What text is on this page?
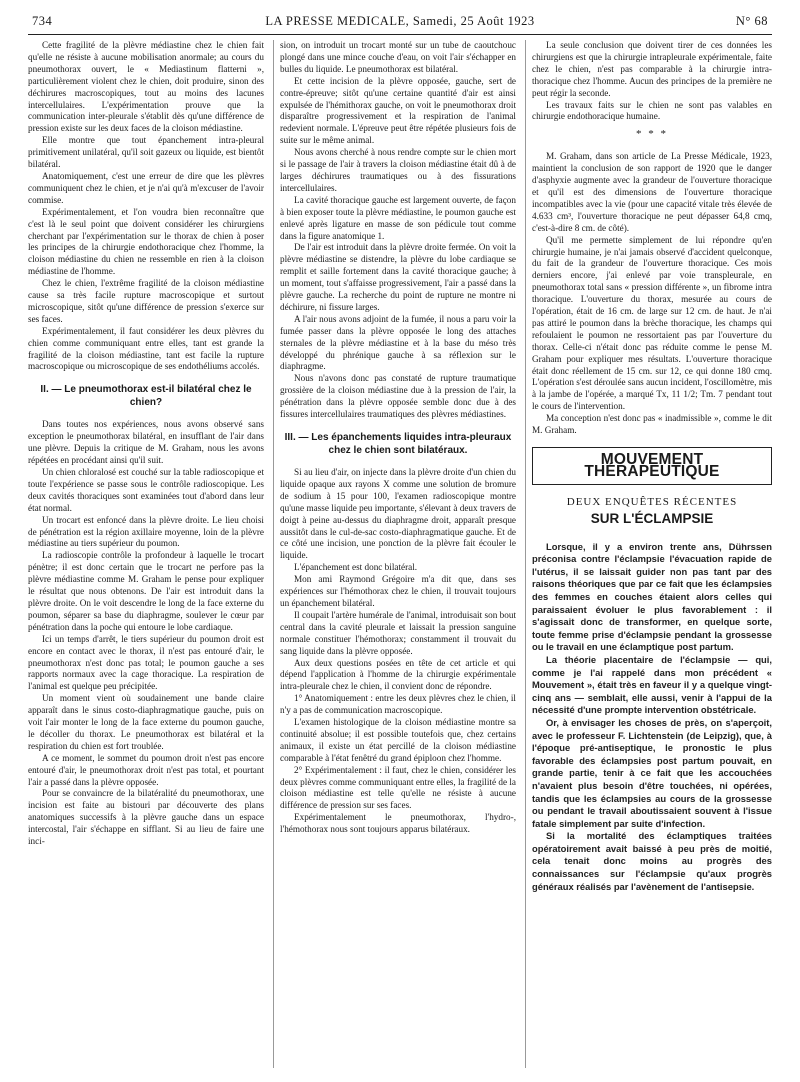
734	LA PRESSE MEDICALE, Samedi, 25 Août 1923	N° 68

Cette fragilité de la plèvre médiastine chez le chien fait qu'elle ne résiste à aucune mobilisation anormale; au cours du pneumothorax ouvert, le « Mediastinum flatterni », particulièrement violent chez le chien, doit produire, sinon des déchirures macroscopiques, tout au moins des lacunes intercellulaires. L'expérimentation prouve que la communication inter-pleurale s'établit dès qu'une différence de pression existe sur les deux faces de la cloison médiastine.

Elle montre que tout épanchement intra-pleural primitivement unilatéral, qu'il soit gazeux ou liquide, est bientôt bilatéral.

Anatomiquement, c'est une erreur de dire que les plèvres communiquent chez le chien, et je n'ai qu'à m'excuser de l'avoir commise.

Expérimentalement, et l'on voudra bien reconnaître que c'est là le seul point que doivent considérer les chirurgiens cherchant par l'expérimentation sur le thorax de chien à poser les principes de la chirurgie endothoracique chez l'homme, la cloison médiastine du chien ne ressemble en rien à la cloison médiastine de l'homme.

Chez le chien, l'extrême fragilité de la cloison médiastine cause sa très facile rupture macroscopique et surtout microscopique, sitôt qu'une différence de pression s'exerce sur ses faces.

Expérimentalement, il faut considérer les deux plèvres du chien comme communiquant entre elles, tant est grande la fragilité de la cloison médiastine, tant est facile la rupture macroscopique ou microscopique de ses endothéliums accolés.

II. — Le pneumothorax est-il bilatéral chez le chien?

Dans toutes nos expériences, nous avons observé sans exception le pneumothorax bilatéral, en insufflant de l'air dans une plèvre. Depuis la critique de M. Graham, nous les avons répétées en procédant ainsi qu'il suit.

Un chien chloralosé est couché sur la table radioscopique et toute l'expérience se passe sous le contrôle radioscopique. Les deux cavités thoraciques sont examinées tout d'abord dans leur état normal.

Un trocart est enfoncé dans la plèvre droite. Le lieu choisi de pénétration est la région axillaire moyenne, loin de la plèvre médiastine au tiers supérieur du poumon.

La radioscopie contrôle la profondeur à laquelle le trocart pénètre; il est donc certain que le trocart ne perfore pas la plèvre médiastine comme M. Graham le pense pour expliquer le résultat que nous obtenons. De l'air est introduit dans la plèvre droite. On le voit descendre le long de la face externe du poumon, séparer sa base du diaphragme, soulever le cœur par pénétration dans la poche qui entoure le lobe cardiaque.

Ici un temps d'arrêt, le tiers supérieur du poumon droit est encore en contact avec le thorax, il n'est pas entouré d'air, le pneumothorax n'est donc pas total; le poumon gauche a ses rapports normaux avec la cage thoracique. La respiration de l'animal est quelque peu précipitée.

Un moment vient où soudainement une bande claire apparaît dans le sinus costo-diaphragmatique gauche, puis on voit l'air monter le long de la face externe du poumon gauche, le décoller du thorax. Le pneumothorax est bilatéral et la respiration du chien est fort troublée.

A ce moment, le sommet du poumon droit n'est pas encore entouré d'air, le pneumothorax droit n'est pas total, et pourtant l'air a passé dans la plèvre opposée.

Pour se convaincre de la bilatéralité du pneumothorax, une incision est faite au bistouri par découverte des plans anatomiques successifs à la plèvre gauche dans un espace intercostal, l'air s'échappe en sifflant. Si au lieu de faire une inci-

sion, on introduit un trocart monté sur un tube de caoutchouc plongé dans une mince couche d'eau, on voit l'air s'échapper en bulles du liquide. Le pneumothorax est bilatéral.

Et cette incision de la plèvre opposée, gauche, sert de contre-épreuve; sitôt qu'une certaine quantité d'air est ainsi expulsée de l'hémithorax gauche, on voit le pneumothorax droit disparaître progressivement et la respiration de l'animal redevient normale. L'épreuve peut être répétée plusieurs fois de suite sur le même animal.

Nous avons cherché à nous rendre compte sur le chien mort si le passage de l'air à travers la cloison médiastine était dû à de larges déchirures traumatiques ou à des fissurations intercellulaires.

La cavité thoracique gauche est largement ouverte, de façon à bien exposer toute la plèvre médiastine, le poumon gauche est enlevé après ligature en masse de son pédicule tout comme dans la figure anatomique 1.

De l'air est introduit dans la plèvre droite fermée. On voit la plèvre médiastine se distendre, la plèvre du lobe cardiaque se remplit et saille fortement dans la cavité thoracique gauche; à un moment, tout s'affaisse progressivement, l'air a passé dans la plèvre gauche. La recherche du point de rupture ne montre ni déchirure, ni fissure larges.

A l'air nous avons adjoint de la fumée, il nous a paru voir la fumée passer dans la plèvre opposée le long des attaches sternales de la plèvre médiastine et à la base du méso très développé du phrénique gauche à sa réflexion sur le diaphragme.

Nous n'avons donc pas constaté de rupture traumatique grossière de la cloison médiastine due à la pression de l'air, la pénétration dans la plèvre opposée semble donc due à des fissures intercellulaires traumatiques des plèvres médiastines.

III. — Les épanchements liquides intra-pleuraux chez le chien sont bilatéraux.

Si au lieu d'air, on injecte dans la plèvre droite d'un chien du liquide opaque aux rayons X comme une solution de bromure de sodium à 15 pour 100, l'examen radioscopique montre qu'une masse liquide peu importante, s'élevant à deux travers de doigt à peine au-dessus du diaphragme droit, apparaît presque aussitôt dans le cul-de-sac costo-diaphragmatique gauche. Et de ce côté une incision, une ponction de la plèvre fait écouler le liquide.

L'épanchement est donc bilatéral.

Mon ami Raymond Grégoire m'a dit que, dans ses expériences sur l'hémothorax chez le chien, il trouvait toujours un épanchement bilatéral.

Il coupait l'artère humérale de l'animal, introduisait son bout central dans la cavité pleurale et laissait la pression sanguine normale constituer l'hémothorax; constamment il trouvait du sang liquide dans la plèvre opposée.

Aux deux questions posées en tête de cet article et qui dépend l'application à l'homme de la chirurgie expérimentale intra-pleurale chez le chien, il convient donc de répondre.

1° Anatomiquement : entre les deux plèvres chez le chien, il n'y a pas de communication macroscopique.

L'examen histologique de la cloison médiastine montre sa continuité absolue; il est possible toutefois que, chez certains animaux, il existe un état percillé de la cloison médiastine comparable à l'état fenêtré du grand épiploon chez l'homme.

2° Expérimentalement : il faut, chez le chien, considérer les deux plèvres comme communiquant entre elles, la fragilité de la cloison médiastine est telle qu'elle ne résiste à aucune différence de pression sur ses faces.

Expérimentalement le pneumothorax, l'hydro-, l'hémothorax nous sont toujours apparus bilatéraux.

La seule conclusion que doivent tirer de ces données les chirurgiens est que la chirurgie intrapleurale expérimentale, faite chez le chien, n'est pas comparable à la chirurgie intra-thoracique chez l'homme. Aucun des principes de la première ne peut régir la seconde.

Les travaux faits sur le chien ne sont pas valables en chirurgie endothoracique humaine.

* * *

M. Graham, dans son article de La Presse Médicale, 1923, maintient la conclusion de son rapport de 1920 que le danger d'asphyxie augmente avec la grandeur de l'ouverture thoracique et qu'il est des dimensions de l'ouverture thoracique incompatibles avec la vie (pour une capacité vitale très élevée de 4.633 cm³, l'ouverture thoracique ne peut dépasser 64,8 cmq, c'est-à-dire 8 cm. de côté).

Qu'il me permette simplement de lui répondre qu'en chirurgie humaine, je n'ai jamais observé d'accident quelconque, du fait de la grandeur de l'ouverture thoracique. Ces mois derniers encore, j'ai enlevé par voie transpleurale, en pneumothorax total sans « pression différente », un fibrome intra thoracique. L'ouverture du thorax, mesurée au cours de l'opération, était de 16 cm. de large sur 12 cm. de haut. Je n'ai pas attiré le poumon dans la brèche thoracique, les champs qui refoulaient le poumon ne ressortaient pas par l'ouverture du thorax. Celle-ci n'était donc pas réduite comme le pense M. Graham pour expliquer mes résultats. L'ouverture thoracique était donc réellement de 15 cm. sur 12, ce qui donne 180 cmq. L'opération s'est déroulée sans aucun incident, l'oscillomètre, mis à la jambe de l'opérée, a marqué Tx, 11 1/2; Tm. 7 pendant tout le cours de l'intervention.

Ma conception n'est donc pas « inadmissible », comme le dit M. Graham.

MOUVEMENT THÉRAPEUTIQUE
DEUX ENQUÊTES RÉCENTES
SUR L'ÉCLAMPSIE

Lorsque, il y a environ trente ans, Dührssen préconisa contre l'éclampsie l'évacuation rapide de l'utérus, il se laissait guider non pas tant par des raisons théoriques que par ce fait que les éclampsies des femmes en couches étaient alors celles qui paraissaient évoluer le plus favorablement : il s'agissait donc de transformer, en quelque sorte, toute femme prise d'éclampsie pendant la grossesse ou le travail en une éclamptique post partum.

La théorie placentaire de l'éclampsie — qui, comme je l'ai rappelé dans mon précédent « Mouvement », était très en faveur il y a quelque vingt-cinq ans — semblait, elle aussi, venir à l'appui de la nécessité d'une prompte intervention obstétricale.

Or, à envisager les choses de près, on s'aperçoit, avec le professeur F. Lichtenstein (de Leipzig), que, à l'époque pré-antiseptique, le pronostic le plus favorable des éclampsies post partum pouvait, en grande partie, tenir à ce fait que les accouchées n'avaient plus besoin d'être touchées, ni opérées, tandis que les éclampsies au cours de la grossesse ou pendant le travail aboutissaient souvent à l'issue fatale simplement par suite d'infection.

Si la mortalité des éclamptiques traitées opératoirement avait baissé à peu près de moitié, cela tenait donc moins au progrès des connaissances sur l'éclampsie qu'aux progrès généraux réalisés par l'avènement de l'antisepsie.
